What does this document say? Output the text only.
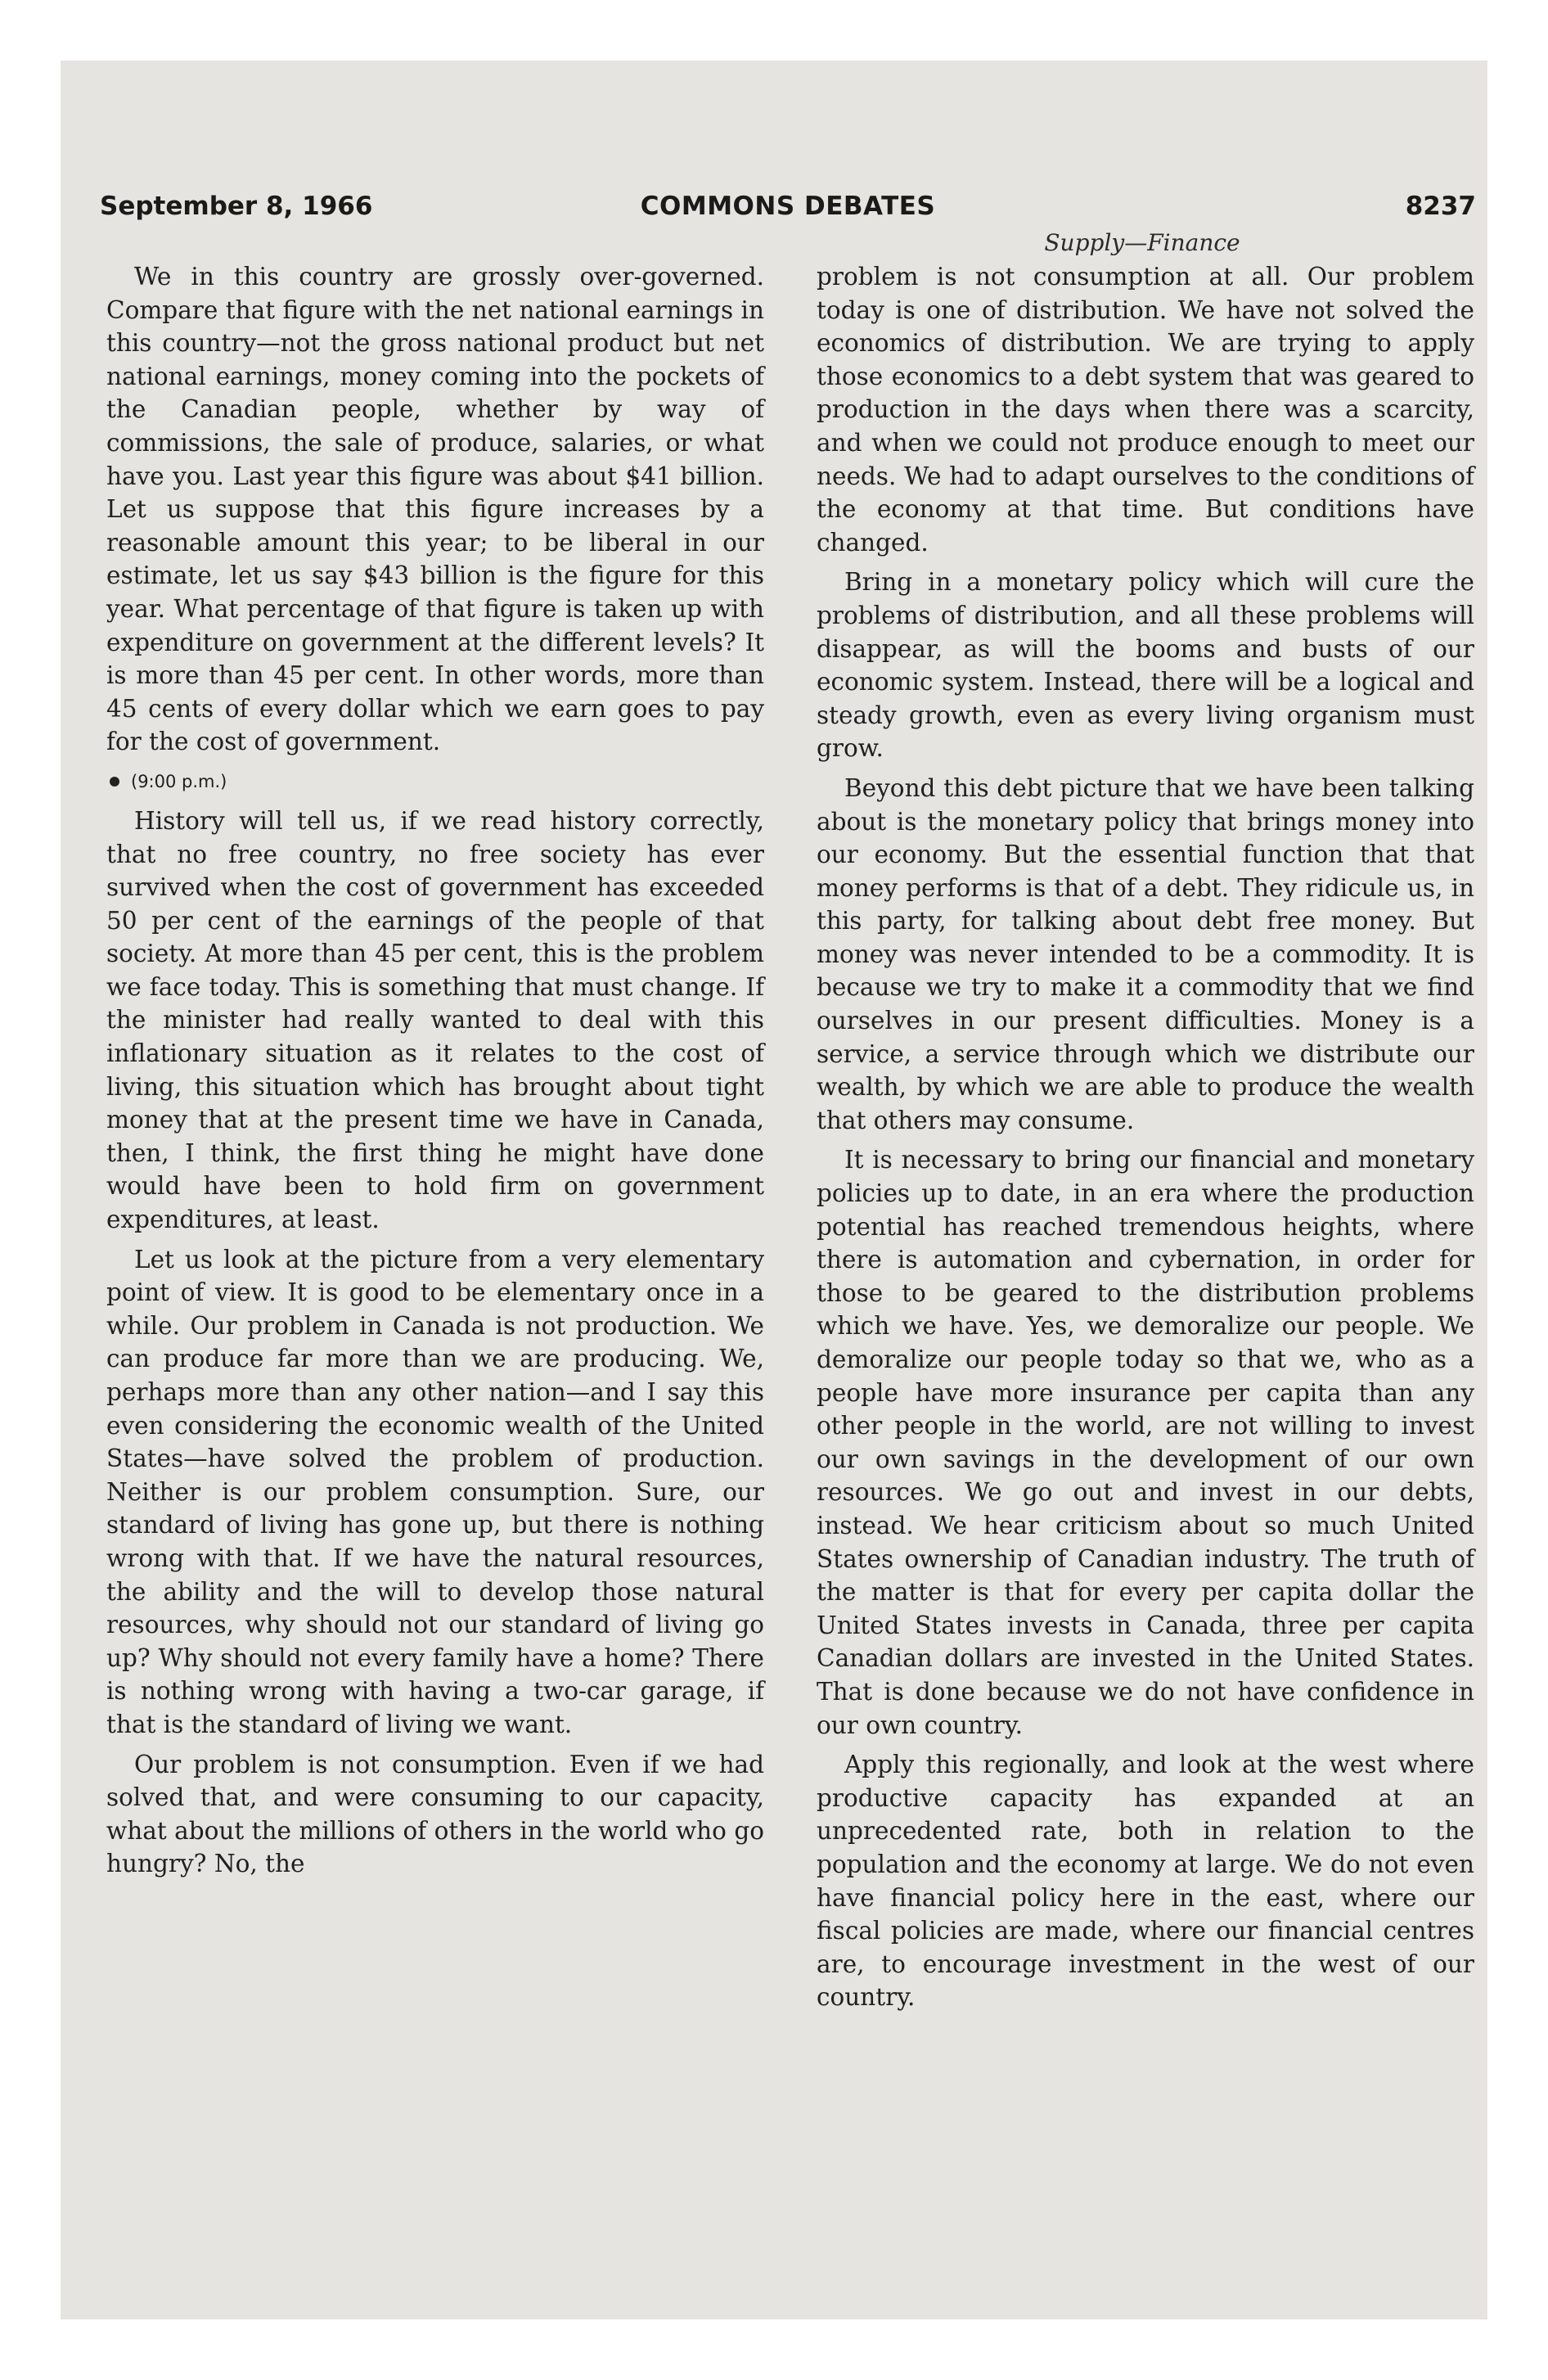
September 8, 1966	COMMONS DEBATES	8237
Supply—Finance

We in this country are grossly over-governed. Compare that figure with the net national earnings in this country—not the gross national product but net national earnings, money coming into the pockets of the Canadian people, whether by way of commissions, the sale of produce, salaries, or what have you. Last year this figure was about $41 billion. Let us suppose that this figure increases by a reasonable amount this year; to be liberal in our estimate, let us say $43 billion is the figure for this year. What percentage of that figure is taken up with expenditure on government at the different levels? It is more than 45 per cent. In other words, more than 45 cents of every dollar which we earn goes to pay for the cost of government.

(9:00 p.m.)

History will tell us, if we read history correctly, that no free country, no free society has ever survived when the cost of government has exceeded 50 per cent of the earnings of the people of that society. At more than 45 per cent, this is the problem we face today. This is something that must change. If the minister had really wanted to deal with this inflationary situation as it relates to the cost of living, this situation which has brought about tight money that at the present time we have in Canada, then, I think, the first thing he might have done would have been to hold firm on government expenditures, at least.

Let us look at the picture from a very elementary point of view. It is good to be elementary once in a while. Our problem in Canada is not production. We can produce far more than we are producing. We, perhaps more than any other nation—and I say this even considering the economic wealth of the United States—have solved the problem of production. Neither is our problem consumption. Sure, our standard of living has gone up, but there is nothing wrong with that. If we have the natural resources, the ability and the will to develop those natural resources, why should not our standard of living go up? Why should not every family have a home? There is nothing wrong with having a two-car garage, if that is the standard of living we want.

Our problem is not consumption. Even if we had solved that, and were consuming to our capacity, what about the millions of others in the world who go hungry? No, the

problem is not consumption at all. Our problem today is one of distribution. We have not solved the economics of distribution. We are trying to apply those economics to a debt system that was geared to production in the days when there was a scarcity, and when we could not produce enough to meet our needs. We had to adapt ourselves to the conditions of the economy at that time. But conditions have changed.

Bring in a monetary policy which will cure the problems of distribution, and all these problems will disappear, as will the booms and busts of our economic system. Instead, there will be a logical and steady growth, even as every living organism must grow.

Beyond this debt picture that we have been talking about is the monetary policy that brings money into our economy. But the essential function that that money performs is that of a debt. They ridicule us, in this party, for talking about debt free money. But money was never intended to be a commodity. It is because we try to make it a commodity that we find ourselves in our present difficulties. Money is a service, a service through which we distribute our wealth, by which we are able to produce the wealth that others may consume.

It is necessary to bring our financial and monetary policies up to date, in an era where the production potential has reached tremendous heights, where there is automation and cybernation, in order for those to be geared to the distribution problems which we have. Yes, we demoralize our people. We demoralize our people today so that we, who as a people have more insurance per capita than any other people in the world, are not willing to invest our own savings in the development of our own resources. We go out and invest in our debts, instead. We hear criticism about so much United States ownership of Canadian industry. The truth of the matter is that for every per capita dollar the United States invests in Canada, three per capita Canadian dollars are invested in the United States. That is done because we do not have confidence in our own country.

Apply this regionally, and look at the west where productive capacity has expanded at an unprecedented rate, both in relation to the population and the economy at large. We do not even have financial policy here in the east, where our fiscal policies are made, where our financial centres are, to encourage investment in the west of our country.
